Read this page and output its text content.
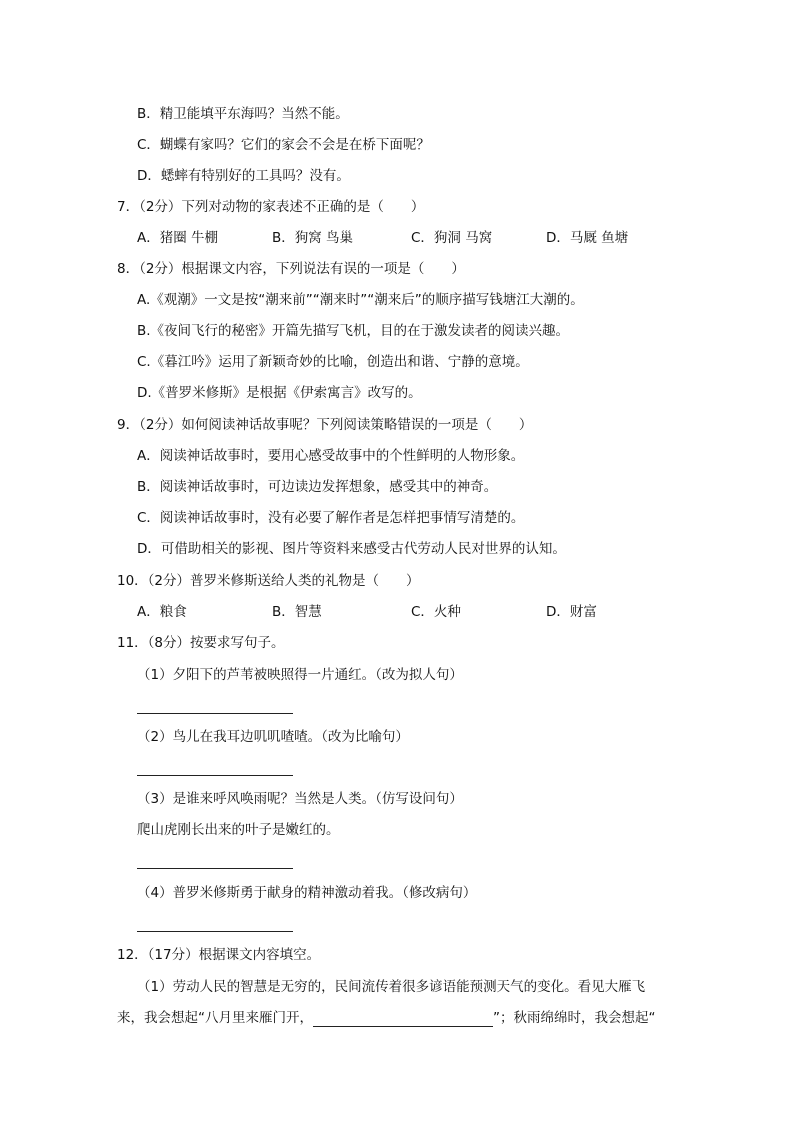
B．精卫能填平东海吗？当然不能。
C．蝴蝶有家吗？它们的家会不会是在桥下面呢？
D．蟋蟀有特别好的工具吗？没有。
7．（2分）下列对动物的家表述不正确的是（　　）
A．猪圈 牛棚	B．狗窝 鸟巢	C．狗洞 马窝	D．马厩 鱼塘
8．（2分）根据课文内容，下列说法有误的一项是（　　）
A.《观潮》一文是按“潮来前”“潮来时”“潮来后”的顺序描写钱塘江大潮的。
B.《夜间飞行的秘密》开篇先描写飞机，目的在于激发读者的阅读兴趣。
C.《暮江吟》运用了新颖奇妙的比喻，创造出和谐、宁静的意境。
D.《普罗米修斯》是根据《伊索寓言》改写的。
9．（2分）如何阅读神话故事呢？下列阅读策略错误的一项是（　　）
A．阅读神话故事时，要用心感受故事中的个性鲜明的人物形象。
B．阅读神话故事时，可边读边发挥想象，感受其中的神奇。
C．阅读神话故事时，没有必要了解作者是怎样把事情写清楚的。
D．可借助相关的影视、图片等资料来感受古代劳动人民对世界的认知。
10．（2分）普罗米修斯送给人类的礼物是（　　）
A．粮食	B．智慧	C．火种	D．财富
11．（8分）按要求写句子。
（1）夕阳下的芦苇被映照得一片通红。（改为拟人句）
（2）鸟儿在我耳边叽叽喳喳。（改为比喻句）
（3）是谁来呼风唤雨呢？当然是人类。（仿写设问句）
爬山虎刚长出来的叶子是嫩红的。
（4）普罗米修斯勇于献身的精神激动着我。（修改病句）
12．（17分）根据课文内容填空。
（1）劳动人民的智慧是无穷的，民间流传着很多谚语能预测天气的变化。看见大雁飞
来，我会想起“八月里来雁门开，	”；秋雨绵绵时，我会想起“
